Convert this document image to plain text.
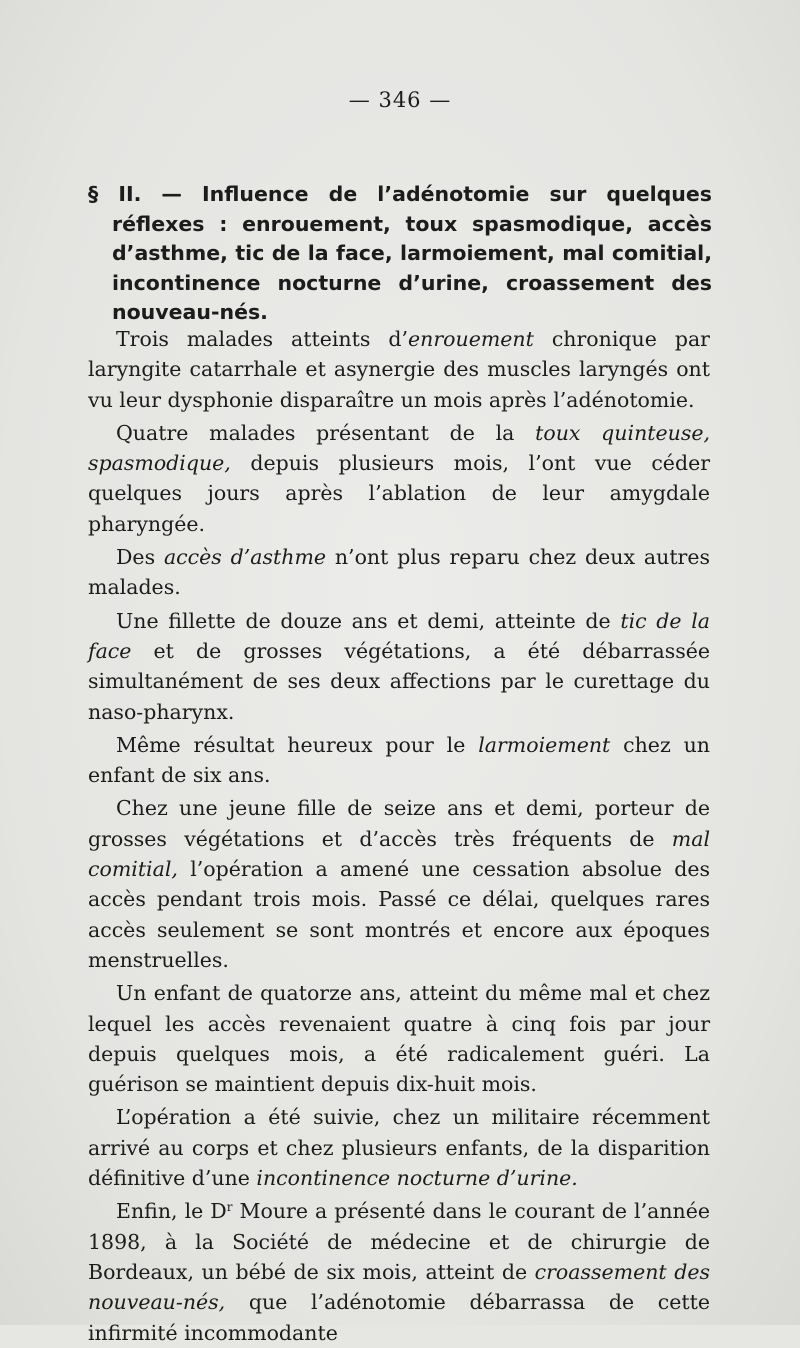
— 346 —
§ II. — Influence de l’adénotomie sur quelques réflexes : enrouement, toux spasmodique, accès d’asthme, tic de la face, larmoiement, mal comitial, incontinence nocturne d’urine, croassement des nouveau-nés.

Trois malades atteints d’enrouement chronique par laryngite catarrhale et asynergie des muscles laryngés ont vu leur dysphonie disparaître un mois après l’adénotomie.

Quatre malades présentant de la toux quinteuse, spasmodique, depuis plusieurs mois, l’ont vue céder quelques jours après l’ablation de leur amygdale pharyngée.

Des accès d’asthme n’ont plus reparu chez deux autres malades.

Une fillette de douze ans et demi, atteinte de tic de la face et de grosses végétations, a été débarrassée simultanément de ses deux affections par le curettage du naso-pharynx.

Même résultat heureux pour le larmoiement chez un enfant de six ans.

Chez une jeune fille de seize ans et demi, porteur de grosses végétations et d’accès très fréquents de mal comitial, l’opération a amené une cessation absolue des accès pendant trois mois. Passé ce délai, quelques rares accès seulement se sont montrés et encore aux époques menstruelles.

Un enfant de quatorze ans, atteint du même mal et chez lequel les accès revenaient quatre à cinq fois par jour depuis quelques mois, a été radicalement guéri. La guérison se maintient depuis dix-huit mois.

L’opération a été suivie, chez un militaire récemment arrivé au corps et chez plusieurs enfants, de la disparition définitive d’une incontinence nocturne d’urine.

Enfin, le $D^r$ Moure a présenté dans le courant de l’année 1898, à la Société de médecine et de chirurgie de Bordeaux, un bébé de six mois, atteint de croassement des nouveau-nés, que l’adénotomie débarrassa de cette infirmité incommodante
